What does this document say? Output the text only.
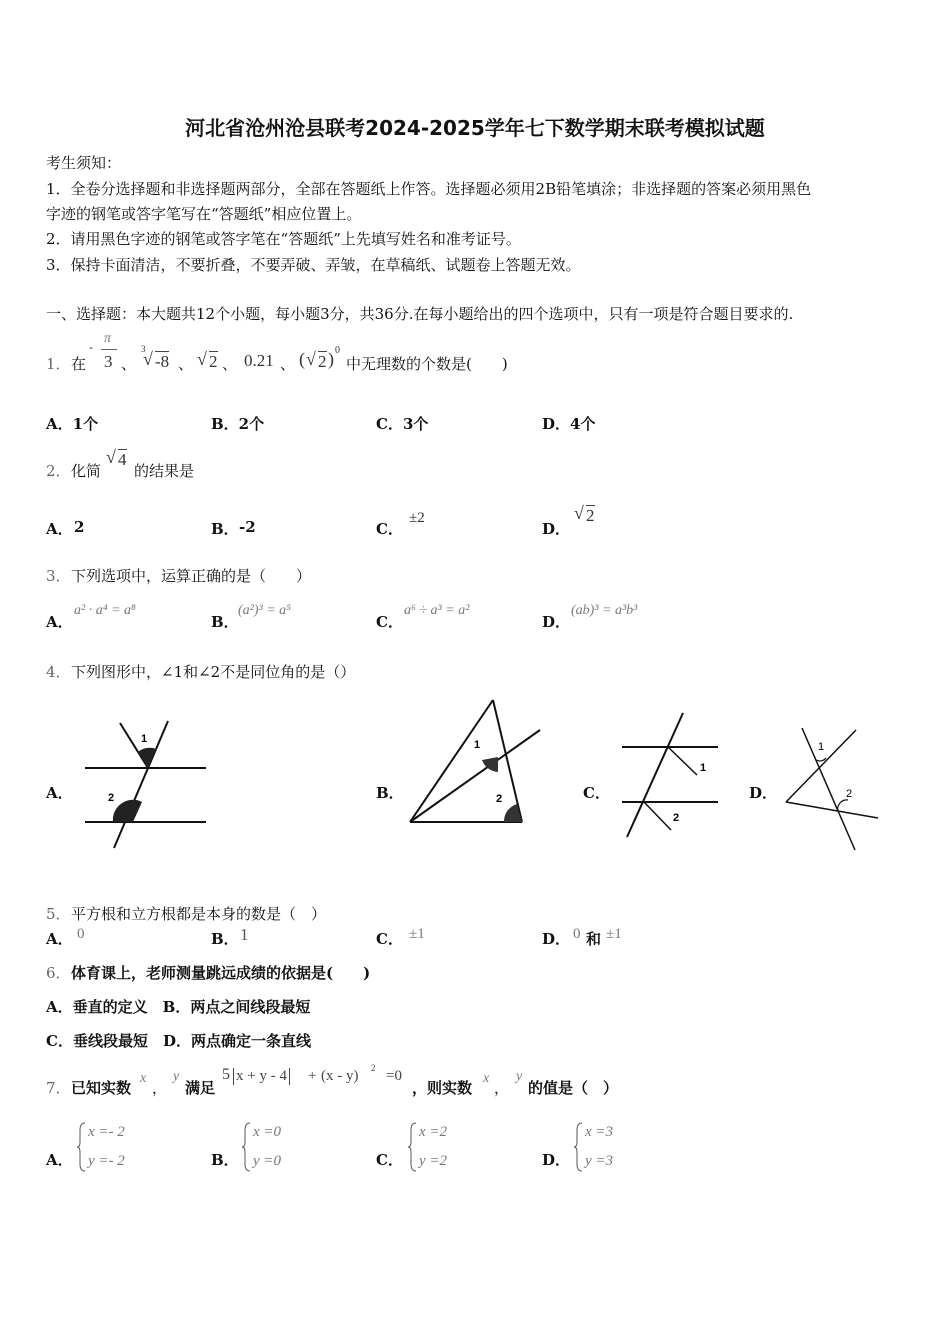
河北省沧州沧县联考2024-2025学年七下数学期末联考模拟试题
考生须知：
1．全卷分选择题和非选择题两部分，全部在答题纸上作答。选择题必须用2B铅笔填涂；非选择题的答案必须用黑色
字迹的钢笔或答字笔写在“答题纸”相应位置上。
2．请用黑色字迹的钢笔或答字笔在“答题纸”上先填写姓名和准考证号。
3．保持卡面清洁，不要折叠，不要弄破、弄皱，在草稿纸、试题卷上答题无效。
一、选择题：本大题共12个小题，每小题3分，共36分.在每小题给出的四个选项中，只有一项是符合题目要求的.
1． 在
-
π
3 、
3
√ -8 、 √ 2 、 0.21 、 ( √ 2 ) 0
中无理数的个数是(　　)
A．1个	B．2个	C．3个	D．4个
2． 化简
√ 4
的结果是
A． 2	B． -2	C．
±2
D．
√ 2
3． 下列选项中，运算正确的是（　　）
A．
a² · a⁴ = a⁸
B．
(a²)³ = a⁵
C．
a⁶ ÷ a³ = a²
D．
(ab)³ = a³b³
4． 下列图形中，∠1和∠2不是同位角的是（）
A．
1
2	B．
1
2	C．
1
2
D．
1
2
5． 平方根和立方根都是本身的数是（　）
A． 0	B． 1	C． ±1	D． 0 和 ±1
6． 体育课上，老师测量跳远成绩的依据是(　　)
A．垂直的定义　B．两点之间线段最短
C．垂线段最短　D．两点确定一条直线
7． 已知实数
x
，
y
满足
5 x + y - 4 + (x - y) 2 =0
，则实数
x
，
y
的值是（　）
A．
x =- 2
y =- 2	B．
x =0
y =0	C．
x =2
y =2	D．
x =3
y =3
